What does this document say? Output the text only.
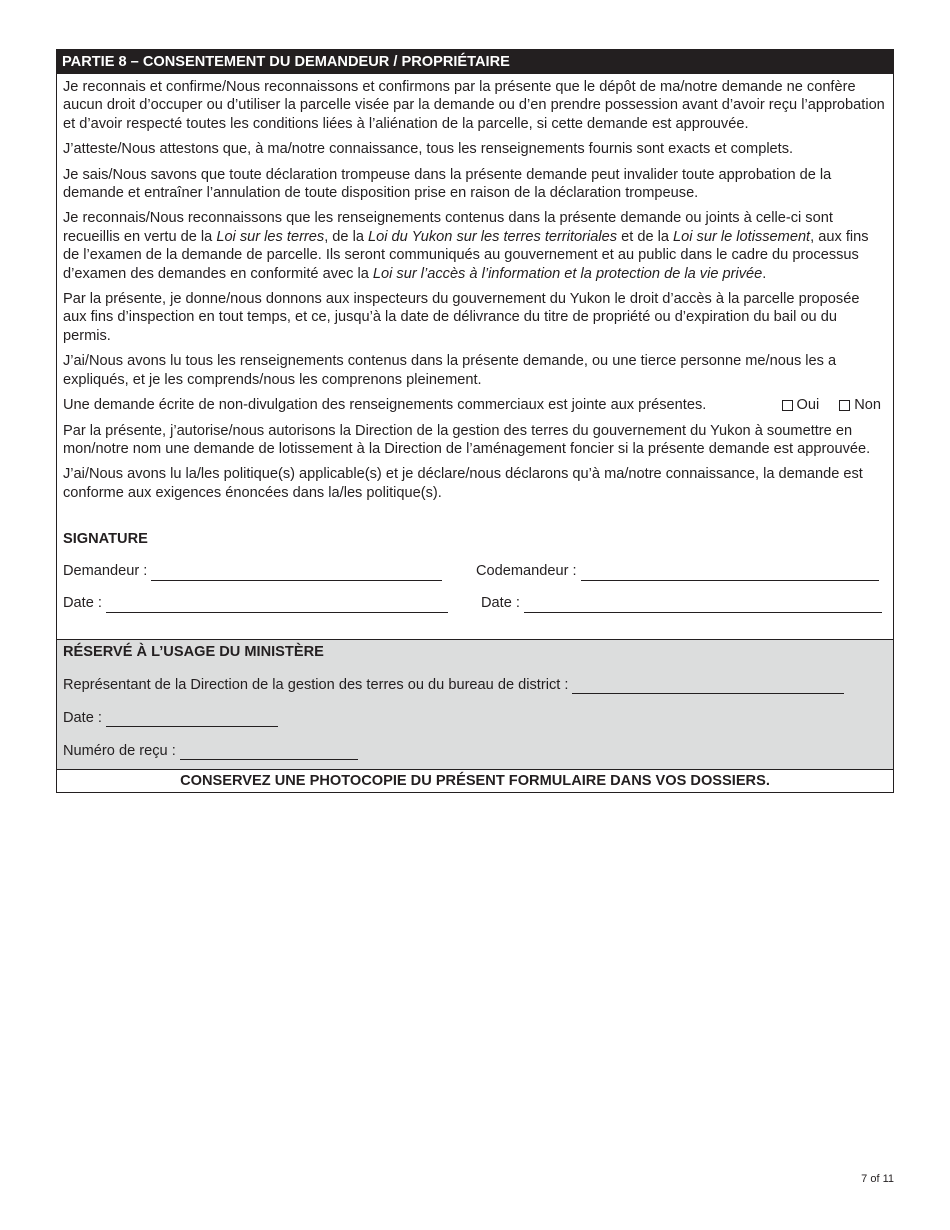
PARTIE 8 – CONSENTEMENT DU DEMANDEUR / PROPRIÉTAIRE
Je reconnais et confirme/Nous reconnaissons et confirmons par la présente que le dépôt de ma/notre demande ne confère aucun droit d’occuper ou d’utiliser la parcelle visée par la demande ou d’en prendre possession avant d’avoir reçu l’approbation et d’avoir respecté toutes les conditions liées à l’aliénation de la parcelle, si cette demande est approuvée.
J’atteste/Nous attestons que, à ma/notre connaissance, tous les renseignements fournis sont exacts et complets.
Je sais/Nous savons que toute déclaration trompeuse dans la présente demande peut invalider toute approbation de la demande et entraîner l’annulation de toute disposition prise en raison de la déclaration trompeuse.
Je reconnais/Nous reconnaissons que les renseignements contenus dans la présente demande ou joints à celle-ci sont recueillis en vertu de la Loi sur les terres, de la Loi du Yukon sur les terres territoriales et de la Loi sur le lotissement, aux fins de l’examen de la demande de parcelle. Ils seront communiqués au gouvernement et au public dans le cadre du processus d’examen des demandes en conformité avec la Loi sur l’accès à l’information et la protection de la vie privée.
Par la présente, je donne/nous donnons aux inspecteurs du gouvernement du Yukon le droit d’accès à la parcelle proposée aux fins d’inspection en tout temps, et ce, jusqu’à la date de délivrance du titre de propriété ou d’expiration du bail ou du permis.
J’ai/Nous avons lu tous les renseignements contenus dans la présente demande, ou une tierce personne me/nous les a expliqués, et je les comprends/nous les comprenons pleinement.
Une demande écrite de non-divulgation des renseignements commerciaux est jointe aux présentes.	Oui Non
Par la présente, j’autorise/nous autorisons la Direction de la gestion des terres du gouvernement du Yukon à soumettre en mon/notre nom une demande de lotissement à la Direction de l’aménagement foncier si la présente demande est approuvée.
J’ai/Nous avons lu la/les politique(s) applicable(s) et je déclare/nous déclarons qu’à ma/notre connaissance, la demande est conforme aux exigences énoncées dans la/les politique(s).
SIGNATURE
Demandeur :	Codemandeur :
Date :	Date :
RÉSERVÉ À L’USAGE DU MINISTÈRE
Représentant de la Direction de la gestion des terres ou du bureau de district :
Date :
Numéro de reçu :
CONSERVEZ UNE PHOTOCOPIE DU PRÉSENT FORMULAIRE DANS VOS DOSSIERS.
7 of 11
